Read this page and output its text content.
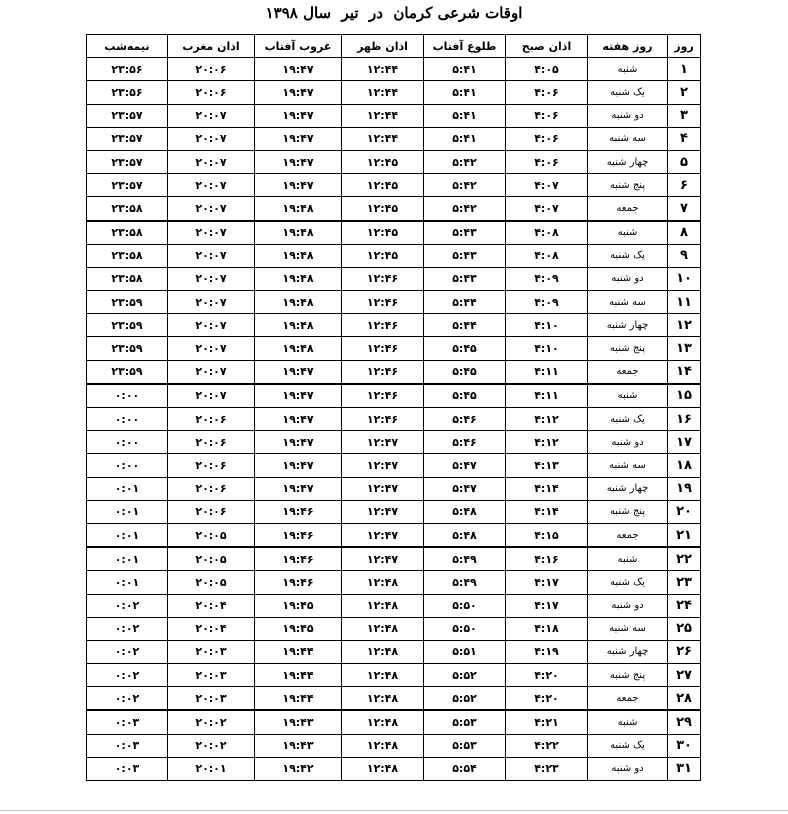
اوقات شرعی کرمان  در  تیر  سال ۱۳۹۸
روز	روز هفته	اذان صبح	طلوع آفتاب	اذان ظهر	غروب آفتاب	اذان مغرب	نیمه‌شب
۱	شنبه	۴:۰۵	۵:۴۱	۱۲:۴۴	۱۹:۴۷	۲۰:۰۶	۲۳:۵۶
۲	یک شنبه	۴:۰۶	۵:۴۱	۱۲:۴۴	۱۹:۴۷	۲۰:۰۶	۲۳:۵۶
۳	دو شنبه	۴:۰۶	۵:۴۱	۱۲:۴۴	۱۹:۴۷	۲۰:۰۷	۲۳:۵۷
۴	سه شنبه	۴:۰۶	۵:۴۱	۱۲:۴۴	۱۹:۴۷	۲۰:۰۷	۲۳:۵۷
۵	چهار شنبه	۴:۰۶	۵:۴۲	۱۲:۴۵	۱۹:۴۷	۲۰:۰۷	۲۳:۵۷
۶	پنج شنبه	۴:۰۷	۵:۴۲	۱۲:۴۵	۱۹:۴۷	۲۰:۰۷	۲۳:۵۷
۷	جمعه	۴:۰۷	۵:۴۲	۱۲:۴۵	۱۹:۴۸	۲۰:۰۷	۲۳:۵۸
۸	شنبه	۴:۰۸	۵:۴۳	۱۲:۴۵	۱۹:۴۸	۲۰:۰۷	۲۳:۵۸
۹	یک شنبه	۴:۰۸	۵:۴۳	۱۲:۴۵	۱۹:۴۸	۲۰:۰۷	۲۳:۵۸
۱۰	دو شنبه	۴:۰۹	۵:۴۳	۱۲:۴۶	۱۹:۴۸	۲۰:۰۷	۲۳:۵۸
۱۱	سه شنبه	۴:۰۹	۵:۴۴	۱۲:۴۶	۱۹:۴۸	۲۰:۰۷	۲۳:۵۹
۱۲	چهار شنبه	۴:۱۰	۵:۴۴	۱۲:۴۶	۱۹:۴۸	۲۰:۰۷	۲۳:۵۹
۱۳	پنج شنبه	۴:۱۰	۵:۴۵	۱۲:۴۶	۱۹:۴۸	۲۰:۰۷	۲۳:۵۹
۱۴	جمعه	۴:۱۱	۵:۴۵	۱۲:۴۶	۱۹:۴۷	۲۰:۰۷	۲۳:۵۹
۱۵	شنبه	۴:۱۱	۵:۴۵	۱۲:۴۶	۱۹:۴۷	۲۰:۰۷	۰:۰۰
۱۶	یک شنبه	۴:۱۲	۵:۴۶	۱۲:۴۶	۱۹:۴۷	۲۰:۰۶	۰:۰۰
۱۷	دو شنبه	۴:۱۲	۵:۴۶	۱۲:۴۷	۱۹:۴۷	۲۰:۰۶	۰:۰۰
۱۸	سه شنبه	۴:۱۳	۵:۴۷	۱۲:۴۷	۱۹:۴۷	۲۰:۰۶	۰:۰۰
۱۹	چهار شنبه	۴:۱۴	۵:۴۷	۱۲:۴۷	۱۹:۴۷	۲۰:۰۶	۰:۰۱
۲۰	پنج شنبه	۴:۱۴	۵:۴۸	۱۲:۴۷	۱۹:۴۶	۲۰:۰۶	۰:۰۱
۲۱	جمعه	۴:۱۵	۵:۴۸	۱۲:۴۷	۱۹:۴۶	۲۰:۰۵	۰:۰۱
۲۲	شنبه	۴:۱۶	۵:۴۹	۱۲:۴۷	۱۹:۴۶	۲۰:۰۵	۰:۰۱
۲۳	یک شنبه	۴:۱۷	۵:۴۹	۱۲:۴۸	۱۹:۴۶	۲۰:۰۵	۰:۰۱
۲۴	دو شنبه	۴:۱۷	۵:۵۰	۱۲:۴۸	۱۹:۴۵	۲۰:۰۴	۰:۰۲
۲۵	سه شنبه	۴:۱۸	۵:۵۰	۱۲:۴۸	۱۹:۴۵	۲۰:۰۴	۰:۰۲
۲۶	چهار شنبه	۴:۱۹	۵:۵۱	۱۲:۴۸	۱۹:۴۴	۲۰:۰۳	۰:۰۲
۲۷	پنج شنبه	۴:۲۰	۵:۵۲	۱۲:۴۸	۱۹:۴۴	۲۰:۰۳	۰:۰۲
۲۸	جمعه	۴:۲۰	۵:۵۲	۱۲:۴۸	۱۹:۴۴	۲۰:۰۳	۰:۰۲
۲۹	شنبه	۴:۲۱	۵:۵۳	۱۲:۴۸	۱۹:۴۳	۲۰:۰۲	۰:۰۳
۳۰	یک شنبه	۴:۲۲	۵:۵۳	۱۲:۴۸	۱۹:۴۳	۲۰:۰۲	۰:۰۳
۳۱	دو شنبه	۴:۲۳	۵:۵۴	۱۲:۴۸	۱۹:۴۲	۲۰:۰۱	۰:۰۳
